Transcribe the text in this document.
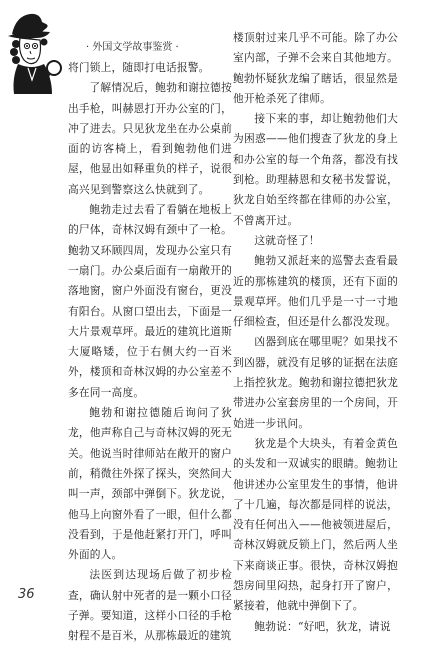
· 外国文学故事鉴赏 ·

将门锁上，随即打电话报警。

了解情况后，鲍勃和谢拉德按出手枪，叫赫恩打开办公室的门，冲了进去。只见狄龙坐在办公桌前面的访客椅上，看到鲍勃他们进屋，他显出如释重负的样子，说很高兴见到警察这么快就到了。

鲍勃走过去看了看躺在地板上的尸体，奇林汉姆有颈中了一枪。鲍勃又环顾四周，发现办公室只有一扇门。办公桌后面有一扇敞开的落地窗，窗户外面没有窗台，更没有阳台。从窗口望出去，下面是一大片景观草坪。最近的建筑比道斯大厦略矮，位于右侧大约一百米外，楼顶和奇林汉姆的办公室差不多在同一高度。

鲍勃和谢拉德随后询问了狄龙，他声称自己与奇林汉姆的死无关。他说当时律师站在敞开的窗户前，稍微往外探了探头，突然间大叫一声，颈部中弹倒下。狄龙说，他马上向窗外看了一眼，但什么都没看到，于是他赶紧打开门，呼叫外面的人。

法医到达现场后做了初步检查，确认射中死者的是一颗小口径子弹。要知道，这样小口径的手枪射程不是百米，从那栋最近的建筑

楼顶射过来几乎不可能。除了办公室内部，子弹不会来自其他地方。鲍勃怀疑狄龙编了瞎话，很显然是他开枪杀死了律师。

接下来的事，却让鲍勃他们大为困惑——他们搜查了狄龙的身上和办公室的每一个角落，都没有找到枪。助理赫恩和女秘书发誓说，狄龙自始至终都在律师的办公室，不曾离开过。

这就奇怪了！

鲍勃又派赶来的巡警去查看最近的那栋建筑的楼顶，还有下面的景观草坪。他们几乎是一寸一寸地仔细检查，但还是什么都没发现。

凶器到底在哪里呢？如果找不到凶器，就没有足够的证据在法庭上指控狄龙。鲍勃和谢拉德把狄龙带进办公室套房里的一个房间，开始进一步讯问。

狄龙是个大块头，有着金黄色的头发和一双诚实的眼睛。鲍勃让他讲述办公室里发生的事情，他讲了十几遍，每次都是同样的说法，没有任何出入——他被领进屋后，奇林汉姆就反锁上门，然后两人坐下来商谈正事。很快，奇林汉姆抱怨房间里闷热，起身打开了窗户，紧接着，他就中弹倒下了。

鲍勃说：“好吧，狄龙，请说

36
